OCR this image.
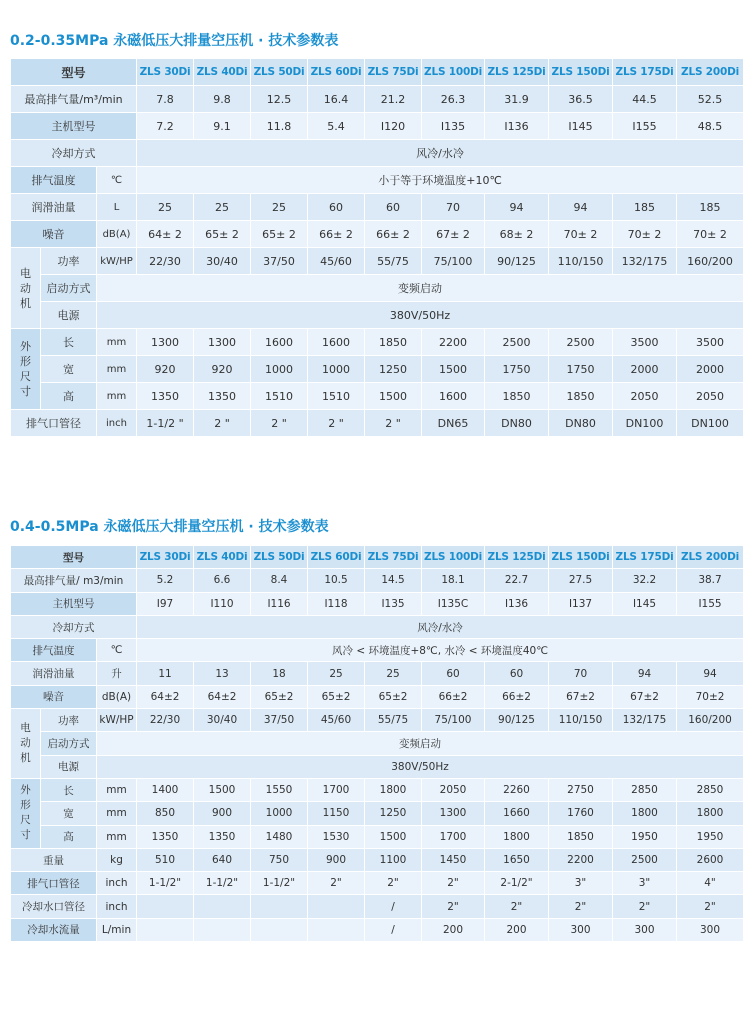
0.2-0.35MPa 永磁低压大排量空压机 · 技术参数表
型号			ZLS 30Di	ZLS 40Di	ZLS 50Di	ZLS 60Di	ZLS 75Di	ZLS 100Di	ZLS 125Di	ZLS 150Di	ZLS 175Di	ZLS 200Di
最高排气量/m³/min			7.8	9.8	12.5	16.4	21.2	26.3	31.9	36.5	44.5	52.5
主机型号			7.2	9.1	11.8	5.4	I120	I135	I136	I145	I155	48.5
冷却方式			风冷/水冷									
排气温度		℃	小于等于环境温度+10℃									
润滑油量		L	25	25	25	60	60	70	94	94	185	185
噪音		dB(A)	64± 2	65± 2	65± 2	66± 2	66± 2	67± 2	68± 2	70± 2	70± 2	70± 2

电
动
机	功率	kW/HP	22/30	30/40	37/50	45/60	55/75	75/100	90/125	110/150	132/175	160/200
	启动方式	变频启动										
	电源	380V/50Hz										

外
形
尺
寸	长	mm	1300	1300	1600	1600	1850	2200	2500	2500	3500	3500
	宽	mm	920	920	1000	1000	1250	1500	1750	1750	2000	2000
	高	mm	1350	1350	1510	1510	1500	1600	1850	1850	2050	2050
排气口管径		inch	1-1/2 "	2 "	2 "	2 "	2 "	DN65	DN80	DN80	DN100	DN100
0.4-0.5MPa 永磁低压大排量空压机 · 技术参数表
型号			ZLS 30Di	ZLS 40Di	ZLS 50Di	ZLS 60Di	ZLS 75Di	ZLS 100Di	ZLS 125Di	ZLS 150Di	ZLS 175Di	ZLS 200Di
最高排气量/ m3/min			5.2	6.6	8.4	10.5	14.5	18.1	22.7	27.5	32.2	38.7
主机型号			I97	I110	I116	I118	I135	I135C	I136	I137	I145	I155
冷却方式			风冷/水冷									
排气温度		℃	风冷 < 环境温度+8℃, 水冷 < 环境温度40℃									
润滑油量		升	11	13	18	25	25	60	60	70	94	94
噪音		dB(A)	64±2	64±2	65±2	65±2	65±2	66±2	66±2	67±2	67±2	70±2

电
动
机	功率	kW/HP	22/30	30/40	37/50	45/60	55/75	75/100	90/125	110/150	132/175	160/200
	启动方式	变频启动										
	电源	380V/50Hz										

外
形
尺
寸	长	mm	1400	1500	1550	1700	1800	2050	2260	2750	2850	2850
	宽	mm	850	900	1000	1150	1250	1300	1660	1760	1800	1800
	高	mm	1350	1350	1480	1530	1500	1700	1800	1850	1950	1950
重量		kg	510	640	750	900	1100	1450	1650	2200	2500	2600
排气口管径		inch	1-1/2"	1-1/2"	1-1/2"	2"	2"	2"	2-1/2"	3"	3"	4"
冷却水口管径		inch					/	2"	2"	2"	2"	2"
冷却水流量		L/min					/	200	200	300	300	300
